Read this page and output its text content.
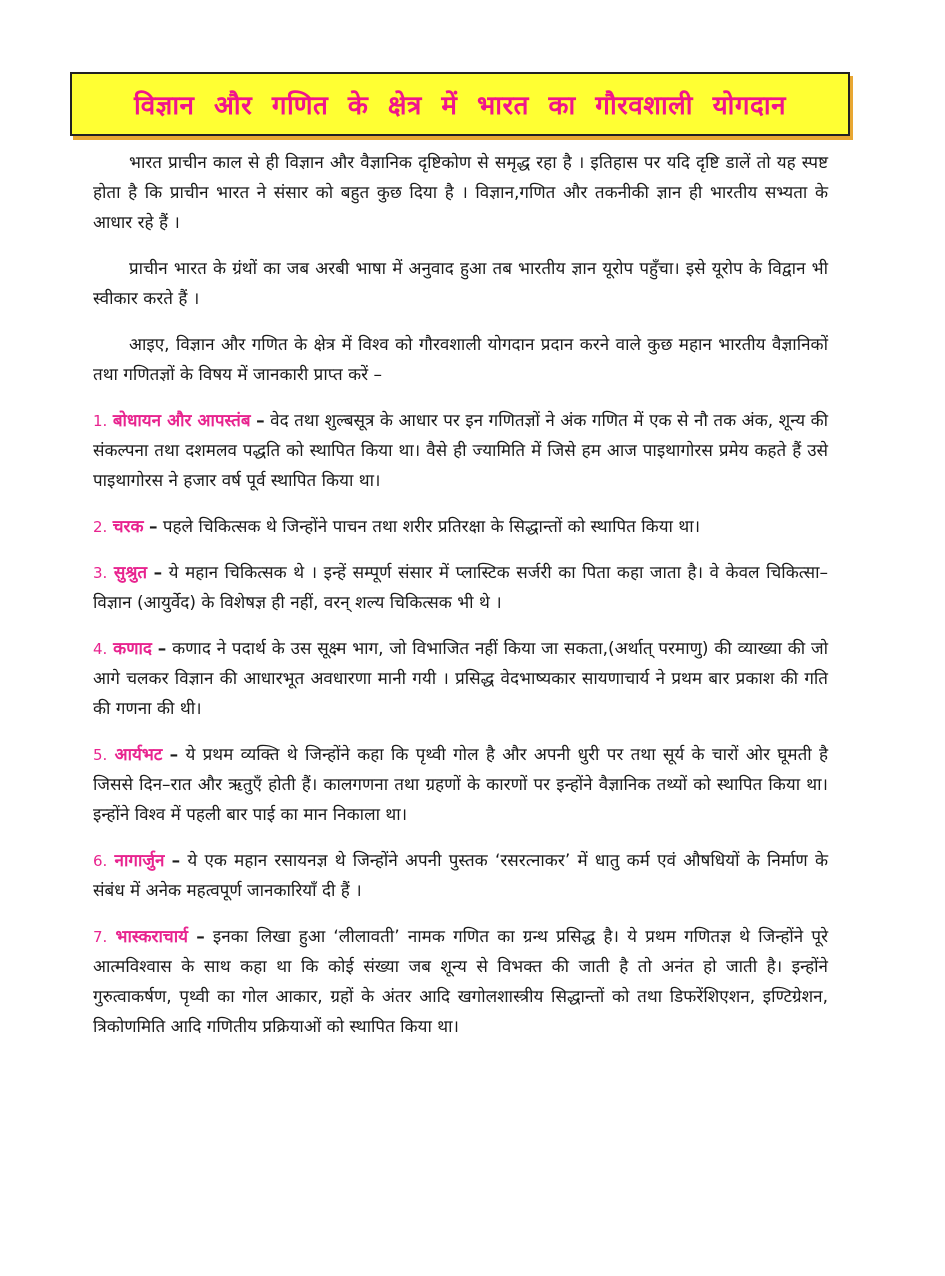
विज्ञान और गणित के क्षेत्र में भारत का गौरवशाली योगदान

भारत प्राचीन काल से ही विज्ञान और वैज्ञानिक दृष्टिकोण से समृद्ध रहा है । इतिहास पर यदि दृष्टि डालें तो यह स्पष्ट होता है कि प्राचीन भारत ने संसार को बहुत कुछ दिया है । विज्ञान,गणित और तकनीकी ज्ञान ही भारतीय सभ्यता के आधार रहे हैं ।

प्राचीन भारत के ग्रंथों का जब अरबी भाषा में अनुवाद हुआ तब भारतीय ज्ञान यूरोप पहुँचा। इसे यूरोप के विद्वान भी स्वीकार करते हैं ।

आइए, विज्ञान और गणित के क्षेत्र में विश्व को गौरवशाली योगदान प्रदान करने वाले कुछ महान भारतीय वैज्ञानिकों तथा गणितज्ञों के विषय में जानकारी प्राप्त करें –

1. बोधायन और आपस्तंब – वेद तथा शुल्बसूत्र के आधार पर इन गणितज्ञों ने अंक गणित में एक से नौ तक अंक, शून्य की संकल्पना तथा दशमलव पद्धति को स्थापित किया था। वैसे ही ज्यामिति में जिसे हम आज पाइथागोरस प्रमेय कहते हैं उसे पाइथागोरस ने हजार वर्ष पूर्व स्थापित किया था।

2. चरक – पहले चिकित्सक थे जिन्होंने पाचन तथा शरीर प्रतिरक्षा के सिद्धान्तों को स्थापित किया था।

3. सुश्रुत – ये महान चिकित्सक थे । इन्हें सम्पूर्ण संसार में प्लास्टिक सर्जरी का पिता कहा जाता है। वे केवल चिकित्सा–विज्ञान (आयुर्वेद) के विशेषज्ञ ही नहीं, वरन् शल्य चिकित्सक भी थे ।

4. कणाद – कणाद ने पदार्थ के उस सूक्ष्म भाग, जो विभाजित नहीं किया जा सकता,(अर्थात् परमाणु) की व्याख्या की जो आगे चलकर विज्ञान की आधारभूत अवधारणा मानी गयी । प्रसिद्ध वेदभाष्यकार सायणाचार्य ने प्रथम बार प्रकाश की गति की गणना की थी।

5. आर्यभट – ये प्रथम व्यक्ति थे जिन्होंने कहा कि पृथ्वी गोल है और अपनी धुरी पर तथा सूर्य के चारों ओर घूमती है जिससे दिन–रात और ऋतुएँ होती हैं। कालगणना तथा ग्रहणों के कारणों पर इन्होंने वैज्ञानिक तथ्यों को स्थापित किया था। इन्होंने विश्व में पहली बार पाई का मान निकाला था।

6. नागार्जुन – ये एक महान रसायनज्ञ थे जिन्होंने अपनी पुस्तक ‘रसरत्नाकर’ में धातु कर्म एवं औषधियों के निर्माण के संबंध में अनेक महत्वपूर्ण जानकारियाँ दी हैं ।

7. भास्कराचार्य – इनका लिखा हुआ ‘लीलावती’ नामक गणित का ग्रन्थ प्रसिद्ध है। ये प्रथम गणितज्ञ थे जिन्होंने पूरे आत्मविश्वास के साथ कहा था कि कोई संख्या जब शून्य से विभक्त की जाती है तो अनंत हो जाती है। इन्होंने गुरुत्वाकर्षण, पृथ्वी का गोल आकार, ग्रहों के अंतर आदि खगोलशास्त्रीय सिद्धान्तों को तथा डिफरेंशिएशन, इण्टिग्रेशन, त्रिकोणमिति आदि गणितीय प्रक्रियाओं को स्थापित किया था।
